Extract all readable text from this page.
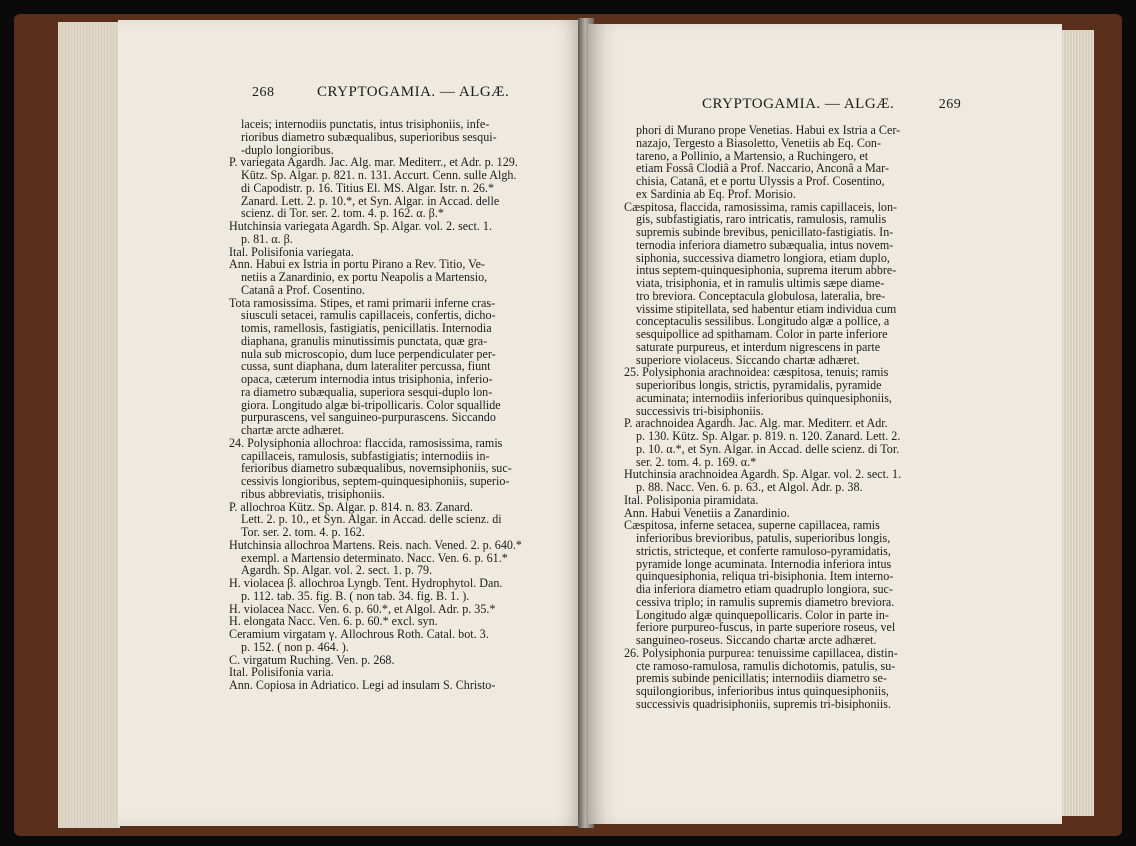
268	CRYPTOGAMIA. — ALGÆ.

laceis; internodiis punctatis, intus trisiphoniis, infe-

rioribus diametro subæqualibus, superioribus sesqui-

-duplo longioribus.

P. variegata Agardh. Jac. Alg. mar. Mediterr., et Adr. p. 129.

Kütz. Sp. Algar. p. 821. n. 131. Accurt. Cenn. sulle Algh.

di Capodistr. p. 16. Titius El. MS. Algar. Istr. n. 26.*

Zanard. Lett. 2. p. 10.*, et Syn. Algar. in Accad. delle

scienz. di Tor. ser. 2. tom. 4. p. 162. α. β.*

Hutchinsia variegata Agardh. Sp. Algar. vol. 2. sect. 1.

p. 81. α. β.

Ital. Polisifonia variegata.

Ann. Habui ex Istria in portu Pirano a Rev. Titio, Ve-

netiis a Zanardinio, ex portu Neapolis a Martensio,

Catanâ a Prof. Cosentino.

Tota ramosissima. Stipes, et rami primarii inferne cras-

siusculi setacei, ramulis capillaceis, confertis, dicho-

tomis, ramellosis, fastigiatis, penicillatis. Internodia

diaphana, granulis minutissimis punctata, quæ gra-

nula sub microscopio, dum luce perpendiculater per-

cussa, sunt diaphana, dum lateraliter percussa, fiunt

opaca, cæterum internodia intus trisiphonia, inferio-

ra diametro subæqualia, superiora sesqui-duplo lon-

giora. Longitudo algæ bi-tripollicaris. Color squallide

purpurascens, vel sanguineo-purpurascens. Siccando

chartæ arcte adhæret.

24. Polysiphonia allochroa: flaccida, ramosissima, ramis

capillaceis, ramulosis, subfastigiatis; internodiis in-

ferioribus diametro subæqualibus, novemsiphoniis, suc-

cessivis longioribus, septem-quinquesiphoniis, superio-

ribus abbreviatis, trisiphoniis.

P. allochroa Kütz. Sp. Algar. p. 814. n. 83. Zanard.

Lett. 2. p. 10., et Syn. Algar. in Accad. delle scienz. di

Tor. ser. 2. tom. 4. p. 162.

Hutchinsia allochroa Martens. Reis. nach. Vened. 2. p. 640.*

exempl. a Martensio determinato. Nacc. Ven. 6. p. 61.*

Agardh. Sp. Algar. vol. 2. sect. 1. p. 79.

H. violacea β. allochroa Lyngb. Tent. Hydrophytol. Dan.

p. 112. tab. 35. fig. B. ( non tab. 34. fig. B. 1. ).

H. violacea Nacc. Ven. 6. p. 60.*, et Algol. Adr. p. 35.*

H. elongata Nacc. Ven. 6. p. 60.* excl. syn.

Ceramium virgatam γ. Allochrous Roth. Catal. bot. 3.

p. 152. ( non p. 464. ).

C. virgatum Ruching. Ven. p. 268.

Ital. Polisifonia varia.

Ann. Copiosa in Adriatico. Legi ad insulam S. Christo-

CRYPTOGAMIA. — ALGÆ.	269

phori di Murano prope Venetias. Habui ex Istria a Cer-

nazajo, Tergesto a Biasoletto, Venetiis ab Eq. Con-

tareno, a Pollinio, a Martensio, a Ruchingero, et

etiam Fossâ Clodiâ a Prof. Naccario, Anconâ a Mar-

chisia, Catanâ, et e portu Ulyssis a Prof. Cosentino,

ex Sardinia ab Eq. Prof. Morisio.

Cæspitosa, flaccida, ramosissima, ramis capillaceis, lon-

gis, subfastigiatis, raro intricatis, ramulosis, ramulis

supremis subinde brevibus, penicillato-fastigiatis. In-

ternodia inferiora diametro subæqualia, intus novem-

siphonia, successiva diametro longiora, etiam duplo,

intus septem-quinquesiphonia, suprema iterum abbre-

viata, trisiphonia, et in ramulis ultimis sæpe diame-

tro breviora. Conceptacula globulosa, lateralia, bre-

vissime stipitellata, sed habentur etiam individua cum

conceptaculis sessilibus. Longitudo algæ a pollice, a

sesquipollice ad spithamam. Color in parte inferiore

saturate purpureus, et interdum nigrescens in parte

superiore violaceus. Siccando chartæ adhæret.

25. Polysiphonia arachnoidea: cæspitosa, tenuis; ramis

superioribus longis, strictis, pyramidalis, pyramide

acuminata; internodiis inferioribus quinquesiphoniis,

successivis tri-bisiphoniis.

P. arachnoidea Agardh. Jac. Alg. mar. Mediterr. et Adr.

p. 130. Kütz. Sp. Algar. p. 819. n. 120. Zanard. Lett. 2.

p. 10. α.*, et Syn. Algar. in Accad. delle scienz. di Tor.

ser. 2. tom. 4. p. 169. α.*

Hutchinsia arachnoidea Agardh. Sp. Algar. vol. 2. sect. 1.

p. 88. Nacc. Ven. 6. p. 63., et Algol. Adr. p. 38.

Ital. Polisiponia piramidata.

Ann. Habui Venetiis a Zanardinio.

Cæspitosa, inferne setacea, superne capillacea, ramis

inferioribus brevioribus, patulis, superioribus longis,

strictis, stricteque, et conferte ramuloso-pyramidatis,

pyramide longe acuminata. Internodia inferiora intus

quinquesiphonia, reliqua tri-bisiphonia. Item interno-

dia inferiora diametro etiam quadruplo longiora, suc-

cessiva triplo; in ramulis supremis diametro breviora.

Longitudo algæ quinquepollicaris. Color in parte in-

feriore purpureo-fuscus, in parte superiore roseus, vel

sanguineo-roseus. Siccando chartæ arcte adhæret.

26. Polysiphonia purpurea: tenuissime capillacea, distin-

cte ramoso-ramulosa, ramulis dichotomis, patulis, su-

premis subinde penicillatis; internodiis diametro se-

squilongioribus, inferioribus intus quinquesiphoniis,

successivis quadrisiphoniis, supremis tri-bisiphoniis.
